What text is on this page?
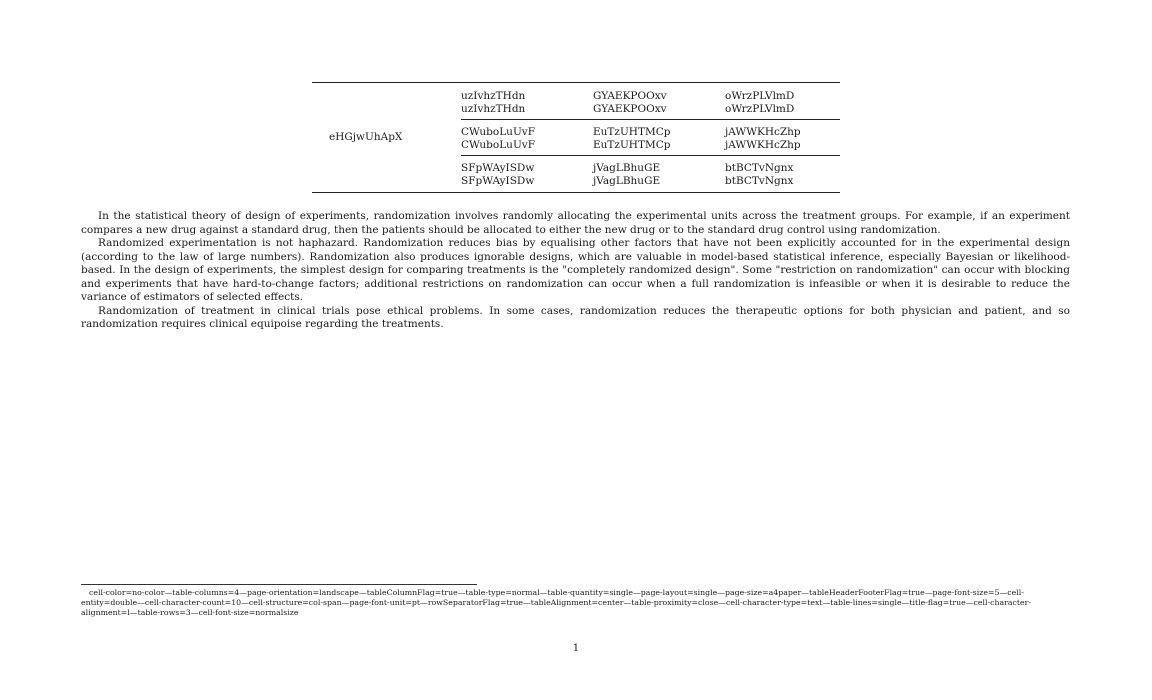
eHGjwUhApX	uzIvhzTHdn	GYAEKPOOxv	oWrzPLVlmD
	uzIvhzTHdn	GYAEKPOOxv	oWrzPLVlmD
	CWuboLuUvF	EuTzUHTMCp	jAWWKHcZhp
	CWuboLuUvF	EuTzUHTMCp	jAWWKHcZhp
	SFpWAyISDw	jVagLBhuGE	btBCTvNgnx
	SFpWAyISDw	jVagLBhuGE	btBCTvNgnx

In the statistical theory of design of experiments, randomization involves randomly allocating the experimental units across the treatment groups. For example, if an experiment compares a new drug against a standard drug, then the patients should be allocated to either the new drug or to the standard drug control using randomization.

Randomized experimentation is not haphazard. Randomization reduces bias by equalising other factors that have not been explicitly accounted for in the experimental design (according to the law of large numbers). Randomization also produces ignorable designs, which are valuable in model-based statistical inference, especially Bayesian or likelihood-based. In the design of experiments, the simplest design for comparing treatments is the "completely randomized design". Some "restriction on randomization" can occur with blocking and experiments that have hard-to-change factors; additional restrictions on randomization can occur when a full randomization is infeasible or when it is desirable to reduce the variance of estimators of selected effects.

Randomization of treatment in clinical trials pose ethical problems. In some cases, randomization reduces the therapeutic options for both physician and patient, and so randomization requires clinical equipoise regarding the treatments.

cell-color=no-color—table-columns=4—page-orientation=landscape—tableColumnFlag=true—table-type=normal—table-quantity=single—page-layout=single—page-size=a4paper—tableHeaderFooterFlag=true—page-font-size=5—cell-entity=double—cell-character-count=10—cell-structure=col-span—page-font-unit=pt—rowSeparatorFlag=true—tableAlignment=center—table-proximity=close—cell-character-type=text—table-lines=single—title-flag=true—cell-character-alignment=l—table-rows=3—cell-font-size=normalsize
1
